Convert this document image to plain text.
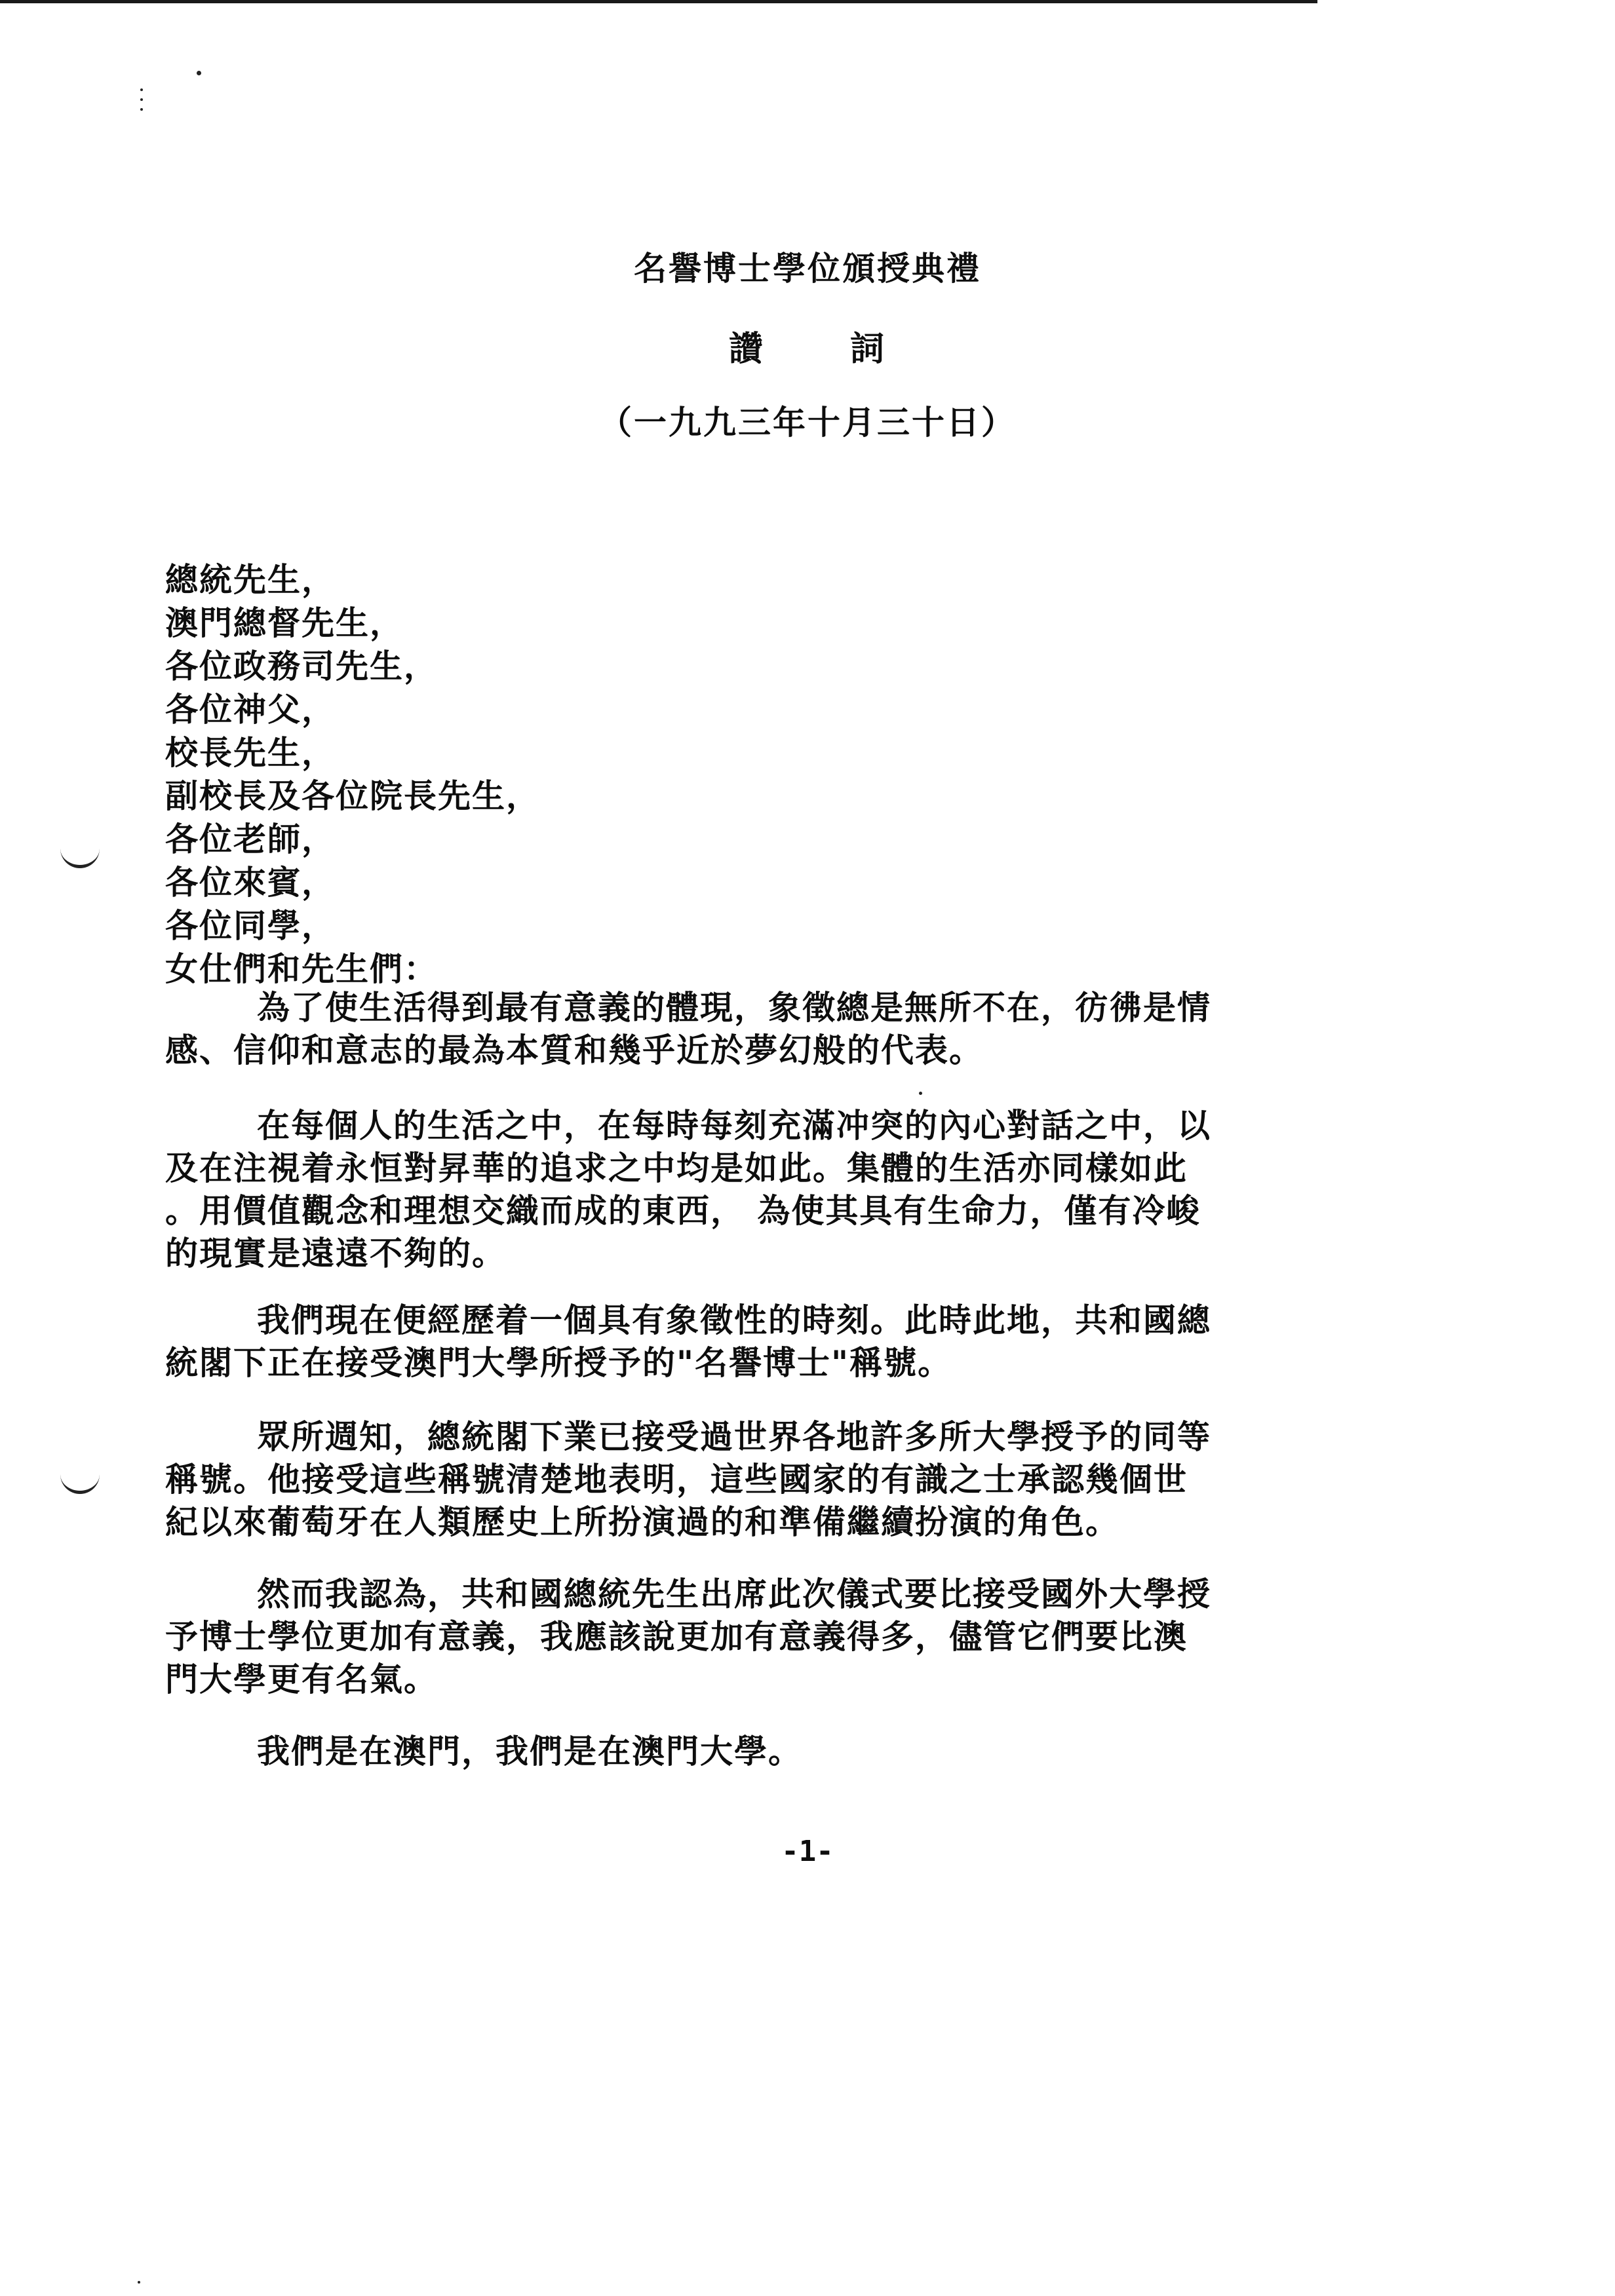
名譽博士學位頒授典禮
讚	詞
（一九九三年十月三十日）
總統先生，
澳門總督先生，
各位政務司先生，
各位神父，
校長先生，
副校長及各位院長先生，
各位老師，
各位來賓，
各位同學，
女仕們和先生們：

為了使生活得到最有意義的體現，象徵總是無所不在，彷彿是情
感、信仰和意志的最為本質和幾乎近於夢幻般的代表。

在每個人的生活之中，在每時每刻充滿冲突的內心對話之中，以
及在注視着永恒對昇華的追求之中均是如此。集體的生活亦同樣如此
。用價值觀念和理想交織而成的東西， 為使其具有生命力，僅有冷峻
的現實是遠遠不夠的。

我們現在便經歷着一個具有象徵性的時刻。此時此地，共和國總
統閣下正在接受澳門大學所授予的"名譽博士"稱號。

眾所週知，總統閣下業已接受過世界各地許多所大學授予的同等
稱號。他接受這些稱號清楚地表明，這些國家的有識之士承認幾個世
紀以來葡萄牙在人類歷史上所扮演過的和準備繼續扮演的角色。

然而我認為，共和國總統先生出席此次儀式要比接受國外大學授
予博士學位更加有意義，我應該說更加有意義得多，儘管它們要比澳
門大學更有名氣。

我們是在澳門，我們是在澳門大學。

-1-
